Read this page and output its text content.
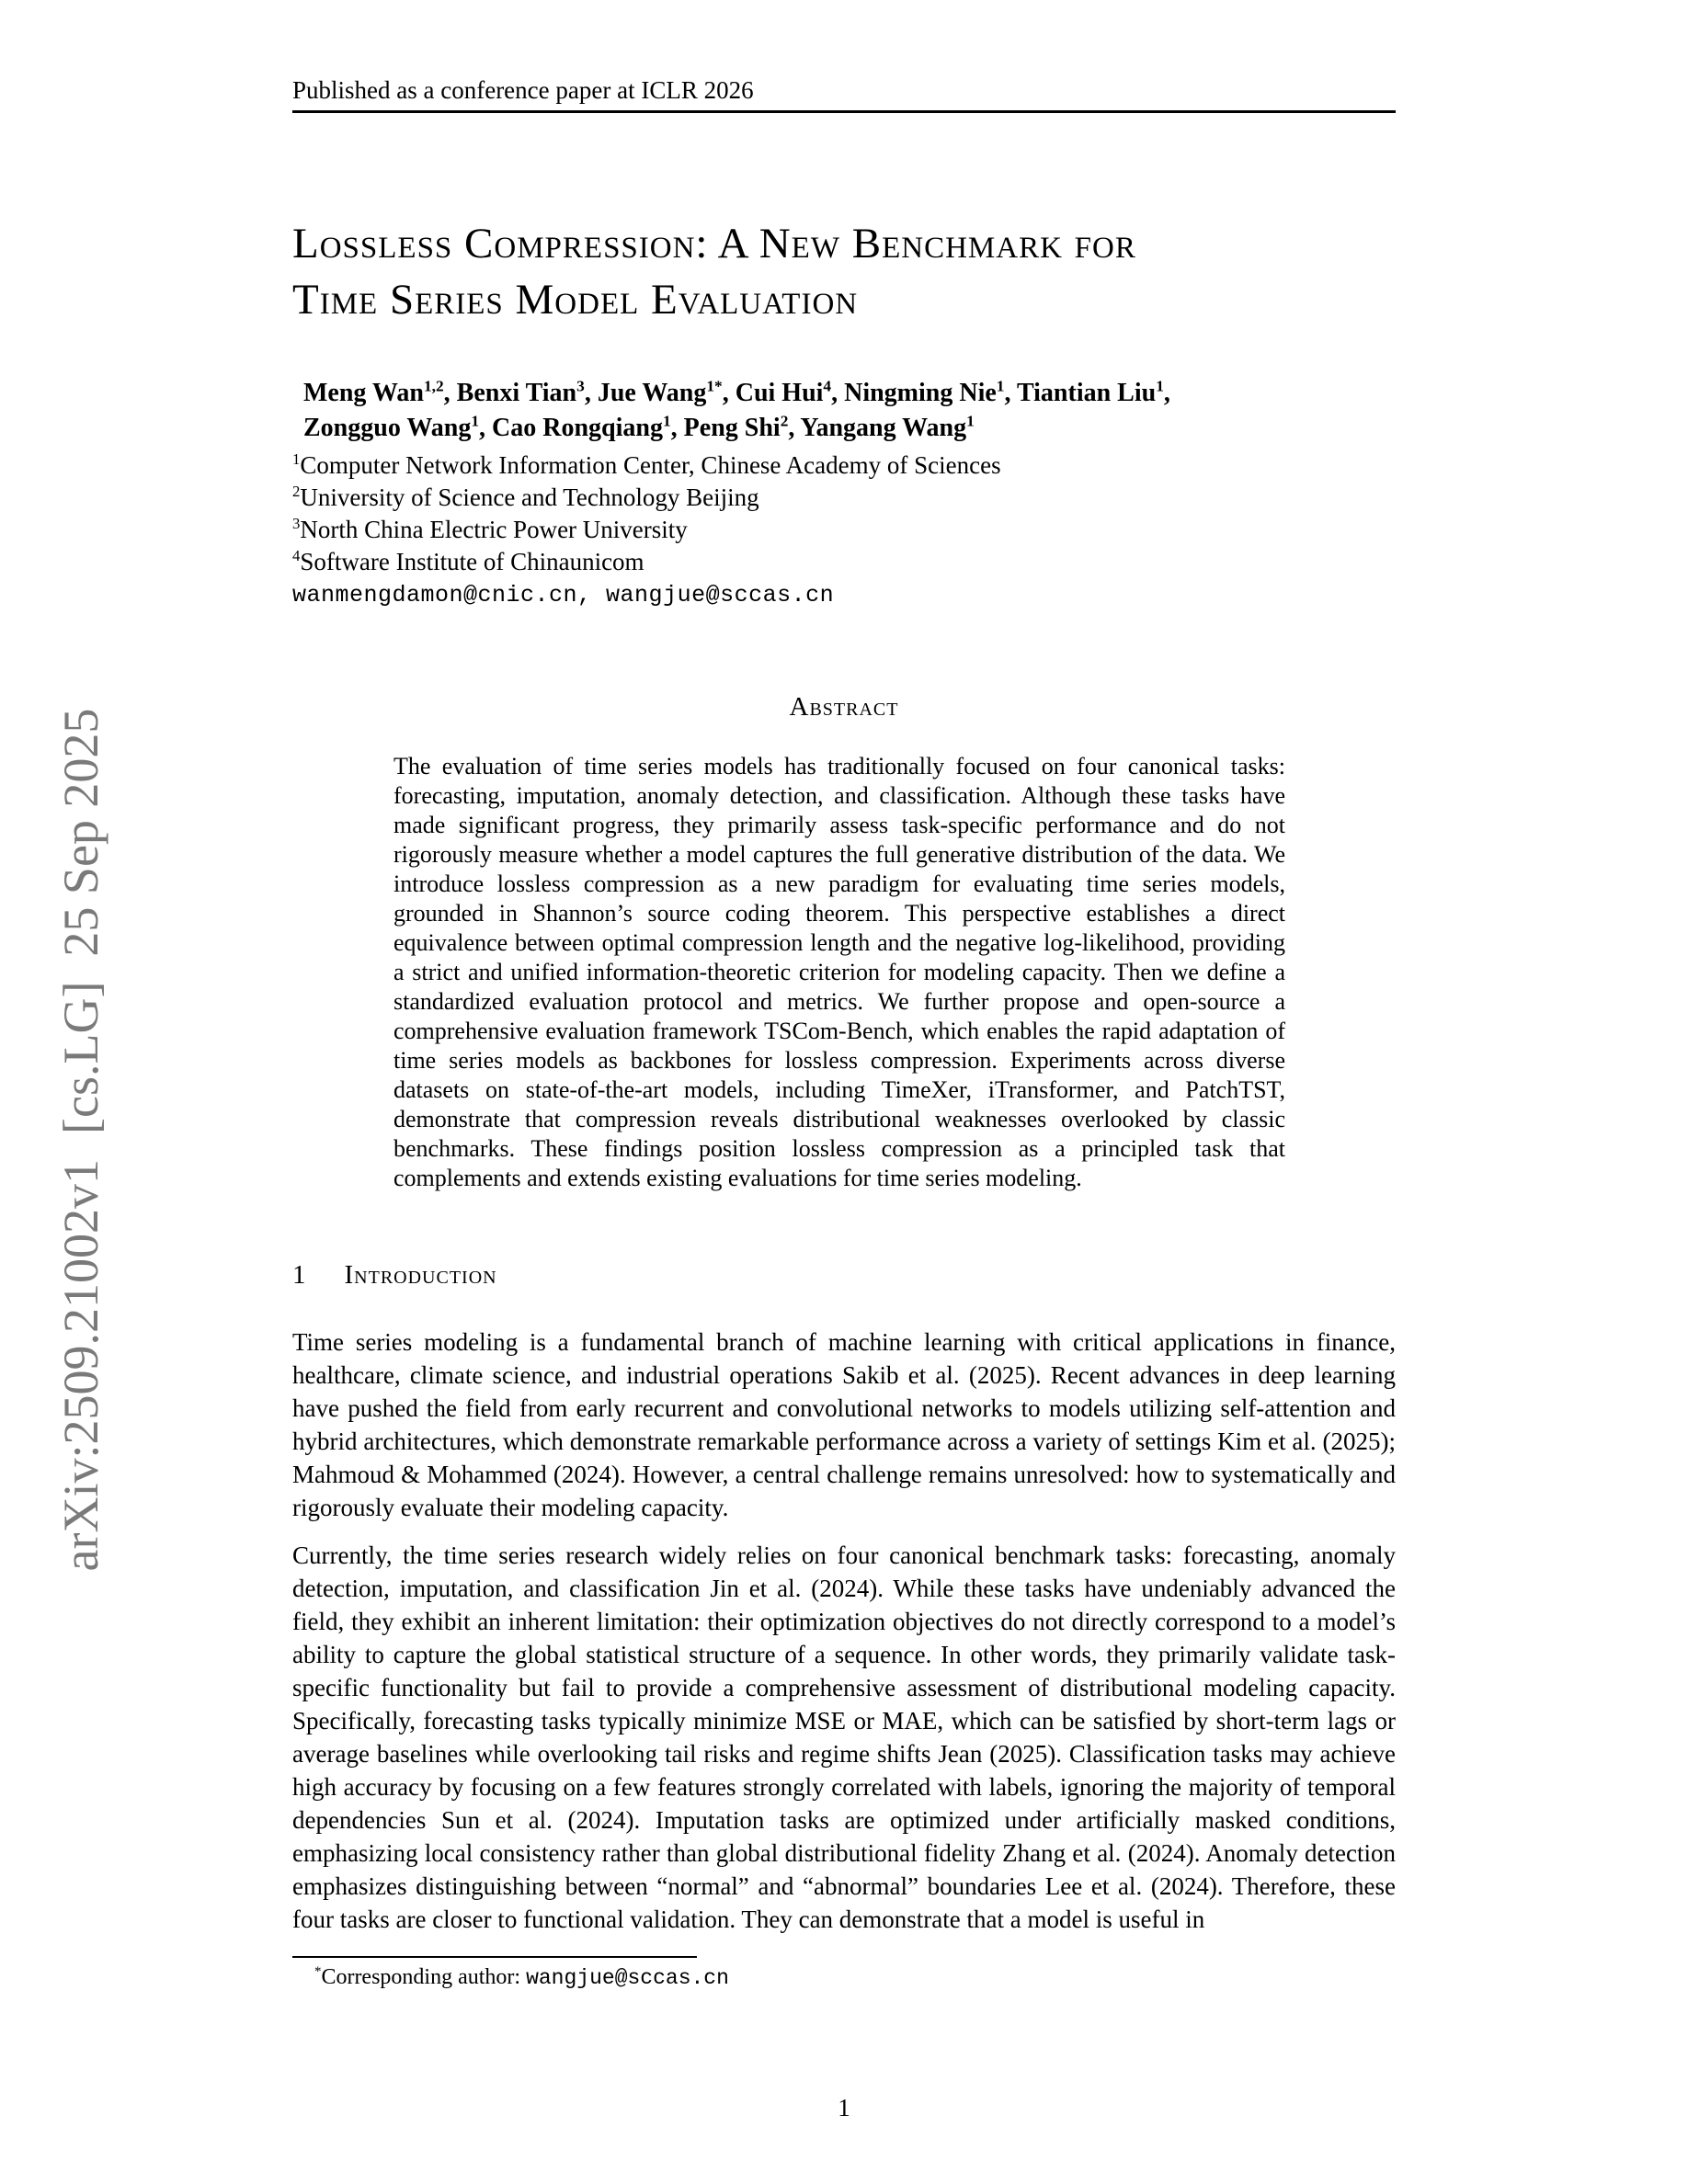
arXiv:2509.21002v1  [cs.LG]  25 Sep 2025
Published as a conference paper at ICLR 2026
Lossless Compression: A New Benchmark for
Time Series Model Evaluation
Meng Wan$^{1,2}$, Benxi Tian$^3$, Jue Wang$^{1*}$, Cui Hui$^4$, Ningming Nie$^1$, Tiantian Liu$^1$,
Zongguo Wang$^1$, Cao Rongqiang$^1$, Peng Shi$^2$, Yangang Wang$^1$
$^1$Computer Network Information Center, Chinese Academy of Sciences
$^2$University of Science and Technology Beijing
$^3$North China Electric Power University
$^4$Software Institute of Chinaunicom
wanmengdamon@cnic.cn, wangjue@sccas.cn
Abstract

The evaluation of time series models has traditionally focused on four canonical tasks: forecasting, imputation, anomaly detection, and classification. Although these tasks have made significant progress, they primarily assess task-specific performance and do not rigorously measure whether a model captures the full generative distribution of the data. We introduce lossless compression as a new paradigm for evaluating time series models, grounded in Shannon’s source coding theorem. This perspective establishes a direct equivalence between optimal compression length and the negative log-likelihood, providing a strict and unified information-theoretic criterion for modeling capacity. Then we define a standardized evaluation protocol and metrics. We further propose and open-source a comprehensive evaluation framework TSCom-Bench, which enables the rapid adaptation of time series models as backbones for lossless compression. Experiments across diverse datasets on state-of-the-art models, including TimeXer, iTransformer, and PatchTST, demonstrate that compression reveals distributional weaknesses overlooked by classic benchmarks. These findings position lossless compression as a principled task that complements and extends existing evaluations for time series modeling.

1 Introduction

Time series modeling is a fundamental branch of machine learning with critical applications in finance, healthcare, climate science, and industrial operations Sakib et al. (2025). Recent advances in deep learning have pushed the field from early recurrent and convolutional networks to models utilizing self-attention and hybrid architectures, which demonstrate remarkable performance across a variety of settings Kim et al. (2025); Mahmoud & Mohammed (2024). However, a central challenge remains unresolved: how to systematically and rigorously evaluate their modeling capacity.

Currently, the time series research widely relies on four canonical benchmark tasks: forecasting, anomaly detection, imputation, and classification Jin et al. (2024). While these tasks have undeniably advanced the field, they exhibit an inherent limitation: their optimization objectives do not directly correspond to a model’s ability to capture the global statistical structure of a sequence. In other words, they primarily validate task-specific functionality but fail to provide a comprehensive assessment of distributional modeling capacity. Specifically, forecasting tasks typically minimize MSE or MAE, which can be satisfied by short-term lags or average baselines while overlooking tail risks and regime shifts Jean (2025). Classification tasks may achieve high accuracy by focusing on a few features strongly correlated with labels, ignoring the majority of temporal dependencies Sun et al. (2024). Imputation tasks are optimized under artificially masked conditions, emphasizing local consistency rather than global distributional fidelity Zhang et al. (2024). Anomaly detection emphasizes distinguishing between “normal” and “abnormal” boundaries Lee et al. (2024). Therefore, these four tasks are closer to functional validation. They can demonstrate that a model is useful in

*Corresponding author: wangjue@sccas.cn
1
